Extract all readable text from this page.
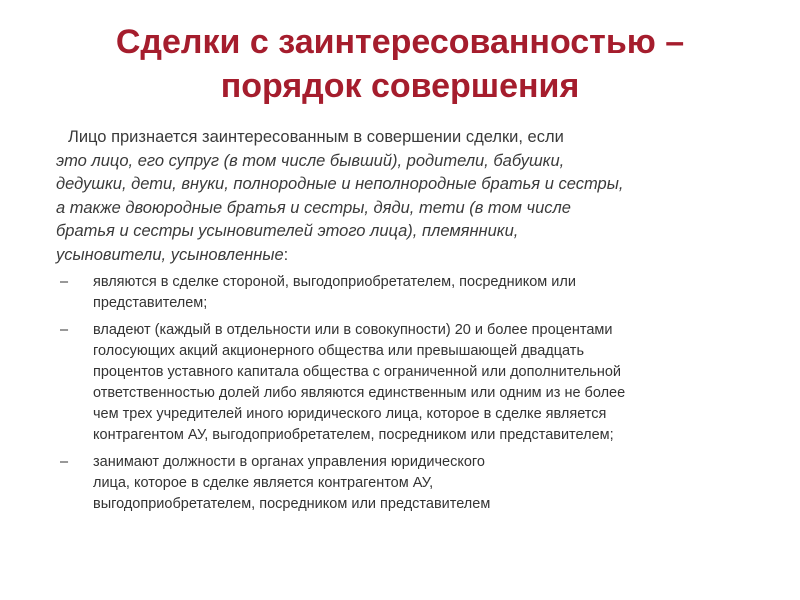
Сделки с заинтересованностью –
порядок совершения

Лицо признается заинтересованным в совершении сделки, если
это лицо, его супруг (в том числе бывший), родители, бабушки,
дедушки, дети, внуки, полнородные и неполнородные братья и сестры,
а также двоюродные братья и сестры, дяди, тети (в том числе
братья и сестры усыновителей этого лица), племянники,
усыновители, усыновленные:

–	являются в сделке стороной, выгодоприобретателем, посредником или
представителем;
–	владеют (каждый в отдельности или в совокупности) 20 и более процентами
голосующих акций акционерного общества или превышающей двадцать
процентов уставного капитала общества с ограниченной или дополнительной
ответственностью долей либо являются единственным или одним из не более
чем трех учредителей иного юридического лица, которое в сделке является
контрагентом АУ, выгодоприобретателем, посредником или представителем;
–	занимают должности в органах управления юридического
лица, которое в сделке является контрагентом АУ,
выгодоприобретателем, посредником или представителем
